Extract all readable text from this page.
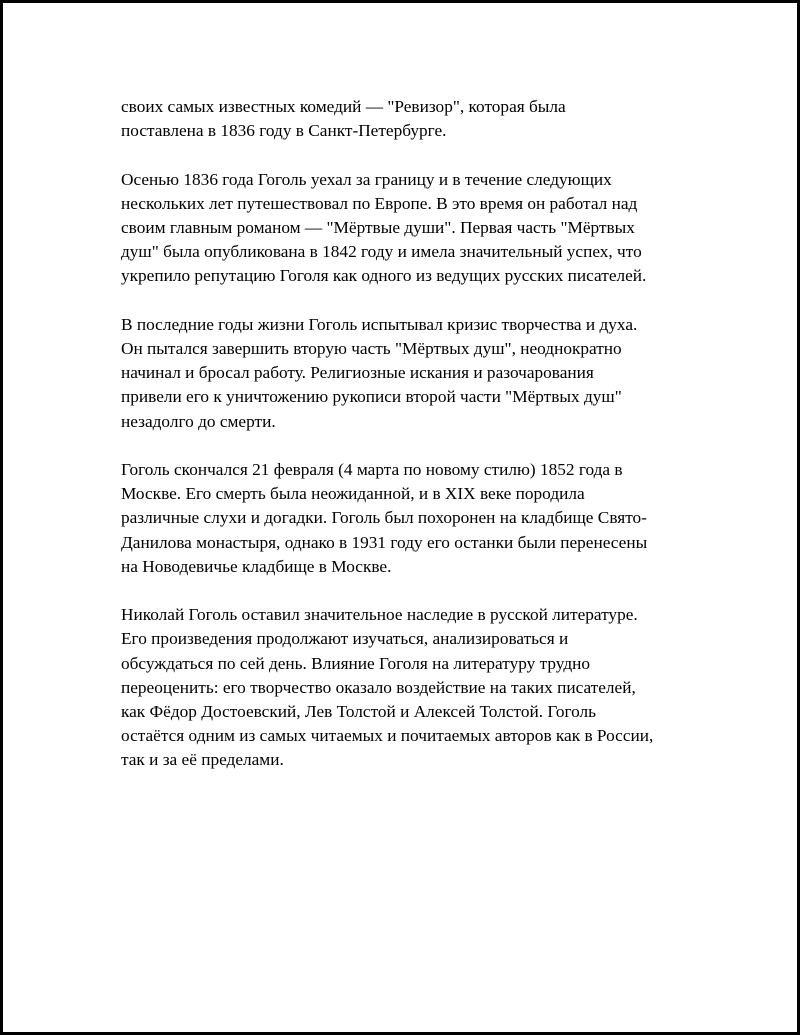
своих самых известных комедий — "Ревизор", которая была
поставлена в 1836 году в Санкт-Петербурге.

Осенью 1836 года Гоголь уехал за границу и в течение следующих
нескольких лет путешествовал по Европе. В это время он работал над
своим главным романом — "Мёртвые души". Первая часть "Мёртвых
душ" была опубликована в 1842 году и имела значительный успех, что
укрепило репутацию Гоголя как одного из ведущих русских писателей.

В последние годы жизни Гоголь испытывал кризис творчества и духа.
Он пытался завершить вторую часть "Мёртвых душ", неоднократно
начинал и бросал работу. Религиозные искания и разочарования
привели его к уничтожению рукописи второй части "Мёртвых душ"
незадолго до смерти.

Гоголь скончался 21 февраля (4 марта по новому стилю) 1852 года в
Москве. Его смерть была неожиданной, и в XIX веке породила
различные слухи и догадки. Гоголь был похоронен на кладбище Свято-
Данилова монастыря, однако в 1931 году его останки были перенесены
на Новодевичье кладбище в Москве.

Николай Гоголь оставил значительное наследие в русской литературе.
Его произведения продолжают изучаться, анализироваться и
обсуждаться по сей день. Влияние Гоголя на литературу трудно
переоценить: его творчество оказало воздействие на таких писателей,
как Фёдор Достоевский, Лев Толстой и Алексей Толстой. Гоголь
остаётся одним из самых читаемых и почитаемых авторов как в России,
так и за её пределами.
